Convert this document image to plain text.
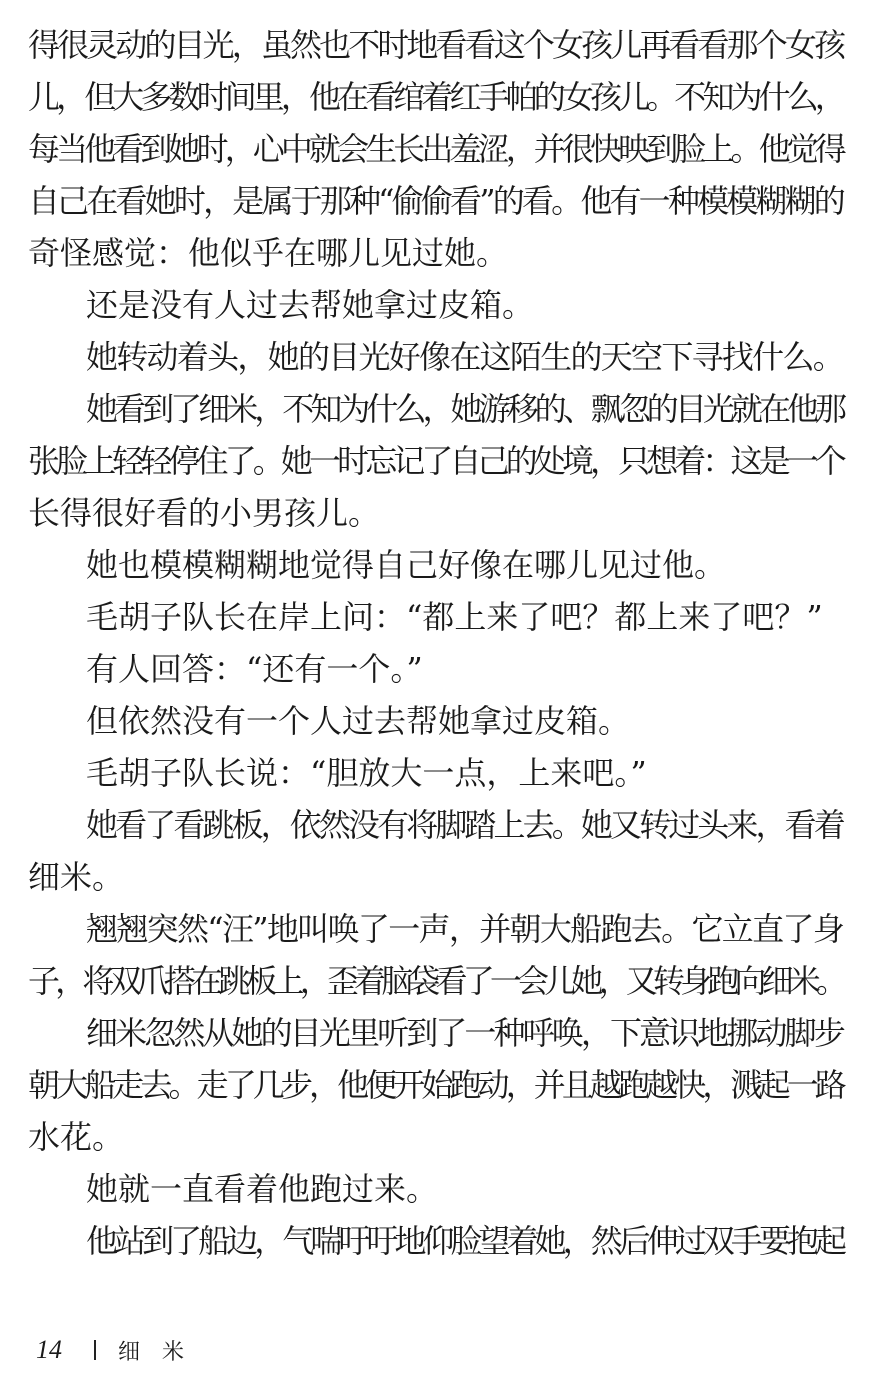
得很灵动的目光，虽然也不时地看看这个女孩儿再看看那个女孩
儿，但大多数时间里，他在看绾着红手帕的女孩儿。不知为什么，
每当他看到她时，心中就会生长出羞涩，并很快映到脸上。他觉得
自己在看她时，是属于那种“偷偷看”的看。他有一种模模糊糊的
奇怪感觉：他似乎在哪儿见过她。
还是没有人过去帮她拿过皮箱。
她转动着头，她的目光好像在这陌生的天空下寻找什么。
她看到了细米，不知为什么，她游移的、飘忽的目光就在他那
张脸上轻轻停住了。她一时忘记了自己的处境，只想着：这是一个
长得很好看的小男孩儿。
她也模模糊糊地觉得自己好像在哪儿见过他。
毛胡子队长在岸上问：“都上来了吧？都上来了吧？”
有人回答：“还有一个。”
但依然没有一个人过去帮她拿过皮箱。
毛胡子队长说：“胆放大一点，上来吧。”
她看了看跳板，依然没有将脚踏上去。她又转过头来，看着
细米。
翘翘突然“汪”地叫唤了一声，并朝大船跑去。它立直了身
子，将双爪搭在跳板上，歪着脑袋看了一会儿她，又转身跑向细米。
细米忽然从她的目光里听到了一种呼唤，下意识地挪动脚步
朝大船走去。走了几步，他便开始跑动，并且越跑越快，溅起一路
水花。
她就一直看着他跑过来。
他站到了船边，气喘吁吁地仰脸望着她，然后伸过双手要抱起
14	细米
